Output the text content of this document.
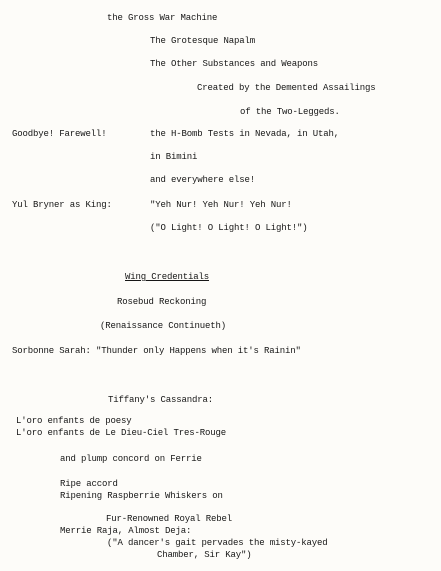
the Gross War Machine
The Grotesque Napalm
The Other Substances and Weapons
Created by the Demented Assailings
of the Two-Leggeds.
Goodbye! Farewell!	the H-Bomb Tests in Nevada, in Utah,
in Bimini
and everywhere else!
Yul Bryner as King:	"Yeh Nur! Yeh Nur! Yeh Nur!
("O Light! O Light! O Light!")
Wing Credentials
Rosebud Reckoning
(Renaissance Continueth)
Sorbonne Sarah: "Thunder only Happens when it's Rainin"
Tiffany's Cassandra:
L'oro enfants de poesy
L'oro enfants de Le Dieu-Ciel Tres-Rouge
and plump concord on Ferrie
Ripe accord
Ripening Raspberrie Whiskers on
Fur-Renowned Royal Rebel
Merrie Raja, Almost Deja:
("A dancer's gait pervades the misty-kayed
Chamber, Sir Kay")
